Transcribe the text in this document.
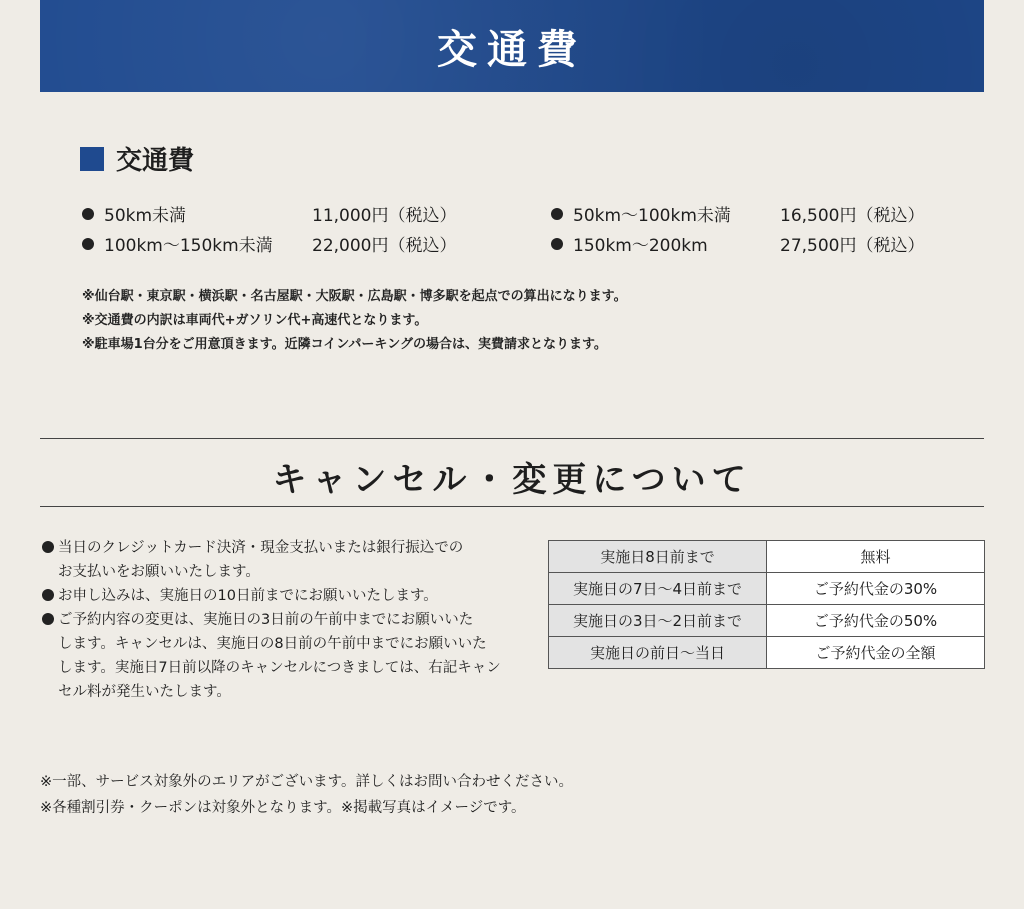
交通費
交通費
50km未満	11,000円（税込）	50km～100km未満	16,500円（税込）
100km～150km未満 22,000円（税込）	150km～200km	27,500円（税込）
※仙台駅・東京駅・横浜駅・名古屋駅・大阪駅・広島駅・博多駅を起点での算出になります。
※交通費の内訳は車両代+ガソリン代+高速代となります。
※駐車場1台分をご用意頂きます。近隣コインパーキングの場合は、実費請求となります。
キャンセル・変更について
当日のクレジットカード決済・現金支払いまたは銀行振込での
お支払いをお願いいたします。
お申し込みは、実施日の10日前までにお願いいたします。
ご予約内容の変更は、実施日の3日前の午前中までにお願いいた
します。キャンセルは、実施日の8日前の午前中までにお願いいた
します。実施日7日前以降のキャンセルにつきましては、右記キャン
セル料が発生いたします。
実施日8日前まで	無料
実施日の7日～4日前まで	ご予約代金の30%
実施日の3日～2日前まで	ご予約代金の50%
実施日の前日～当日	ご予約代金の全額
※一部、サービス対象外のエリアがございます。詳しくはお問い合わせください。
※各種割引券・クーポンは対象外となります。※掲載写真はイメージです。
